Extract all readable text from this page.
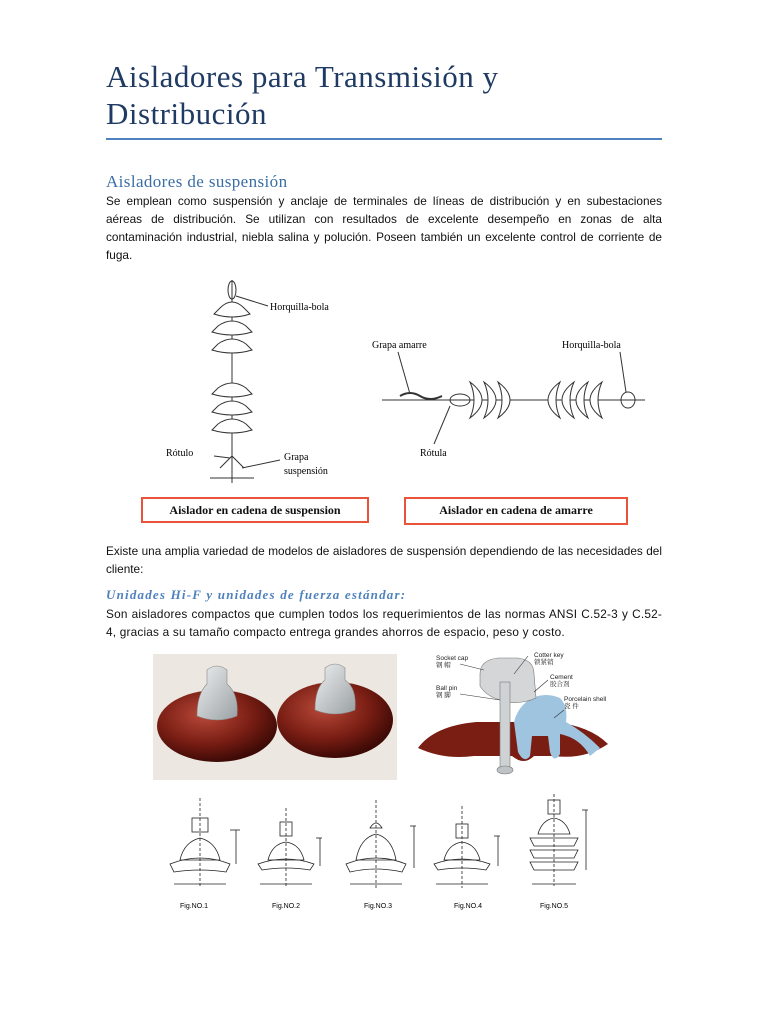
Aisladores para Transmisión y Distribución
Aisladores de suspensión

Se emplean como suspensión y anclaje de terminales de líneas de distribución y en subestaciones aéreas de distribución. Se utilizan con resultados de excelente desempeño en zonas de alta contaminación industrial, niebla salina y polución. Poseen también un excelente control de corriente de fuga.

Horquilla-bola
Rótulo	Grapa
suspensión
Aislador en cadena de suspension
Grapa amarre	Horquilla-bola
Rótula
Aislador en cadena de amarre

Existe una amplia variedad de modelos de aisladores de suspensión dependiendo de las necesidades del cliente:

Unidades Hi-F y unidades de fuerza estándar:

Son aisladores compactos que cumplen todos los requerimientos de las normas ANSI C.52-3 y C.52-4, gracias a su tamaño compacto entrega grandes ahorros de espacio, peso y costo.

Socket cap
钢 帽
Ball pin
钢 脚
Cotter key
锁紧销
Cement
胶合剂
Porcelain shell
瓷 件
Fig.NO.1	Fig.NO.2	Fig.NO.3	Fig.NO.4	Fig.NO.5
